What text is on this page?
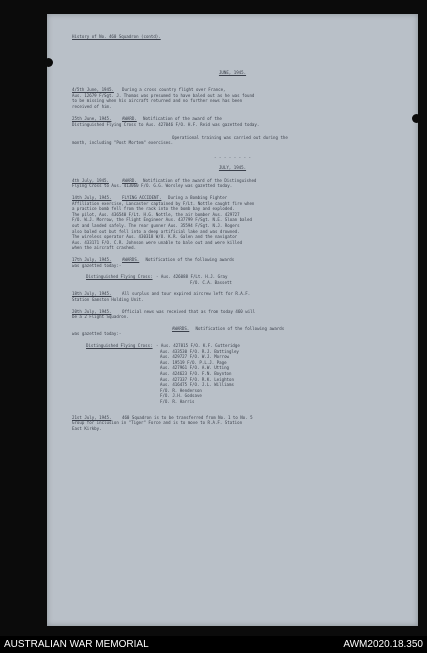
History of No. 460 Squadron (contd).
JUNE, 1945.
4/5th June, 1945. During a cross country flight over France,
Aus. 12679 F/Sgt. J. Thomas was presumed to have baled out as he was found
to be missing when his aircraft returned and no further news has been
received of him.
25th June, 1945.	AWARD. Notification of the award of the
Distinguished Flying Cross to Aus. 427046 F/O. H.F. Reid was gazetted today.
Operational training was carried out during the
month, including "Post Mortem" exercises.
- - - - - - - -
JULY, 1945.
4th July, 1945.	AWARD. Notification of the award of the Distinguished
Flying Cross to Aus. 413060 F/O. G.G. Worsley was gazetted today.
14th July, 1945.	FLYING ACCIDENT. During a Bombing Fighter
Affiliation exercise, Lancaster captained by F/Lt. Nottle caught fire when
a practice bomb fell from the rack into the bomb bay and exploded.
The pilot, Aus. 436540 F/Lt. H.G. Nottle, the air bomber Aus. 429727
F/O. W.J. Morrow, the Flight Engineer Aus. 437799 F/Sgt. N.E. Sloan baled
out and landed safely. The rear gunner Aus. 35594 F/Sgt. N.J. Rogers
also baled out but fell into a deep artificial lake and was drowned.
The wireless operator Aus. 430318 W/O. K.R. Galen and the navigator
Aus. 433171 F/O. C.R. Johnson were unable to bale out and were killed
when the aircraft crashed.
17th July, 1945.	AWARDS. Notification of the following awards
was gazetted today:-
Distinguished Flying Cross: - Aus. 426088 F/Lt. H.J. Gray
F/O. C.A. Bassett
18th July, 1945.	All surplus and tour expired aircrew left for R.A.F.
Station Gamston Holding Unit.
20th July, 1945.	Official news was received that as from today 460 will
be a 2 Flight Squadron.
AWARDS. Notification of the following awards
was gazetted today:-
Distinguished Flying Cross: - Aus. 427815 F/O. K.F. Gutteridge
Aus. 433530 F/O. R.J. Battingley
Aus. 429727 F/O. W.J. Morrow
Aus. 19519 F/O. P.L.J. Page
Aus. 427961 F/O. A.W. Utting
Aus. 424623 F/O. F.N. Boynton
Aus. 427337 F/O. R.K. Leighton
Aus. 416475 F/O. J.L. Williams
F/O. R. Henderson
F/O. J.H. Godsave
F/O. R. Harris
21st July, 1945.	460 Squadron is to be transferred from No. 1 to No. 5
Group for inclusion in "Tiger" Force and is to move to R.A.F. Station
East Kirkby.
AUSTRALIAN WAR MEMORIAL	AWM2020.18.350
